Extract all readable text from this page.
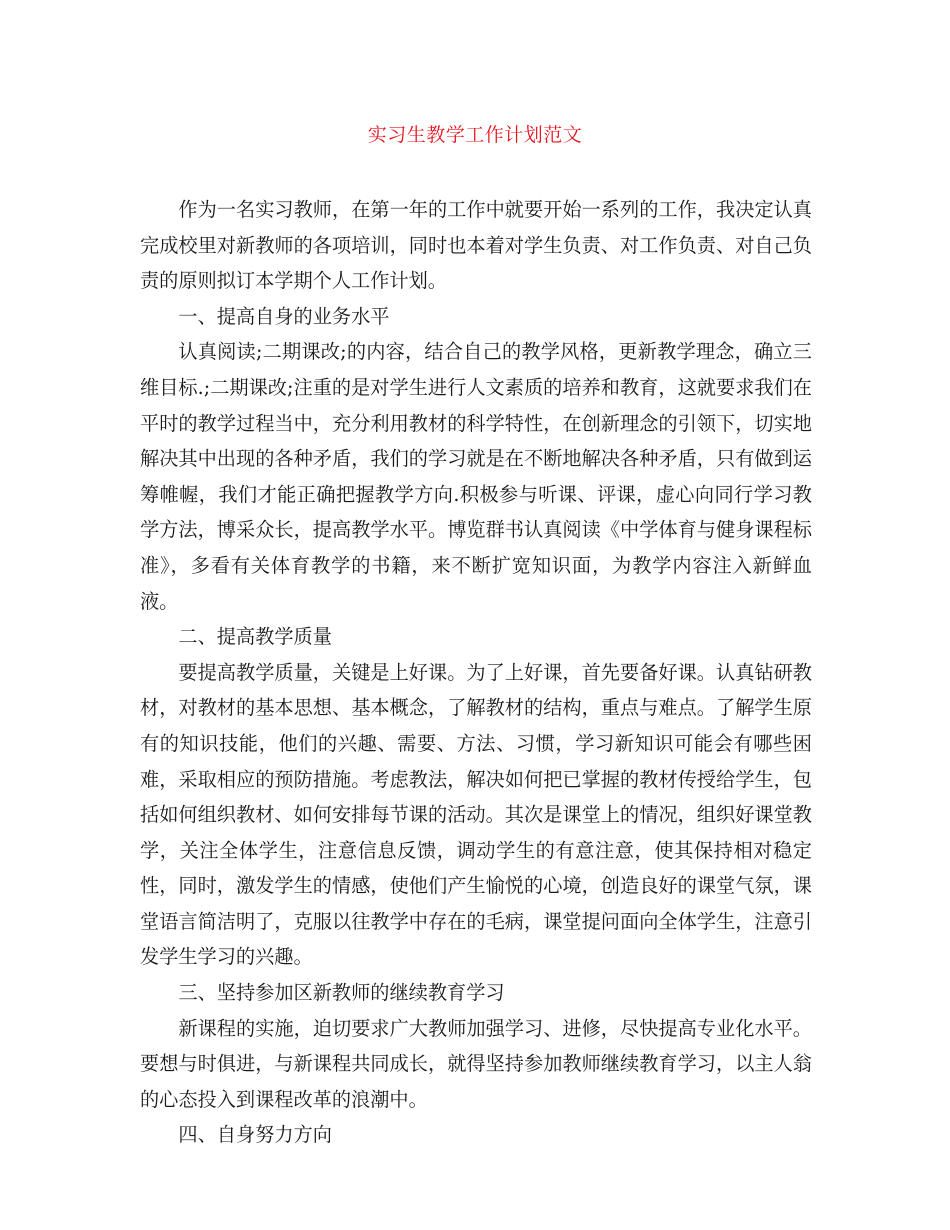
实习生教学工作计划范文

作为一名实习教师，在第一年的工作中就要开始一系列的工作，我决定认真完成校里对新教师的各项培训，同时也本着对学生负责、对工作负责、对自己负责的原则拟订本学期个人工作计划。

一、提高自身的业务水平

认真阅读;二期课改;的内容，结合自己的教学风格，更新教学理念，确立三维目标.;二期课改;注重的是对学生进行人文素质的培养和教育，这就要求我们在平时的教学过程当中，充分利用教材的科学特性，在创新理念的引领下，切实地解决其中出现的各种矛盾，我们的学习就是在不断地解决各种矛盾，只有做到运筹帷幄，我们才能正确把握教学方向.积极参与听课、评课，虚心向同行学习教学方法，博采众长，提高教学水平。博览群书认真阅读《中学体育与健身课程标准》，多看有关体育教学的书籍，来不断扩宽知识面，为教学内容注入新鲜血液。

二、提高教学质量

要提高教学质量，关键是上好课。为了上好课，首先要备好课。认真钻研教材，对教材的基本思想、基本概念，了解教材的结构，重点与难点。了解学生原有的知识技能，他们的兴趣、需要、方法、习惯，学习新知识可能会有哪些困难，采取相应的预防措施。考虑教法，解决如何把已掌握的教材传授给学生，包括如何组织教材、如何安排每节课的活动。其次是课堂上的情况，组织好课堂教学，关注全体学生，注意信息反馈，调动学生的有意注意，使其保持相对稳定性，同时，激发学生的情感，使他们产生愉悦的心境，创造良好的课堂气氛，课堂语言简洁明了，克服以往教学中存在的毛病，课堂提问面向全体学生，注意引发学生学习的兴趣。

三、坚持参加区新教师的继续教育学习

新课程的实施，迫切要求广大教师加强学习、进修，尽快提高专业化水平。要想与时俱进，与新课程共同成长，就得坚持参加教师继续教育学习，以主人翁的心态投入到课程改革的浪潮中。

四、自身努力方向
